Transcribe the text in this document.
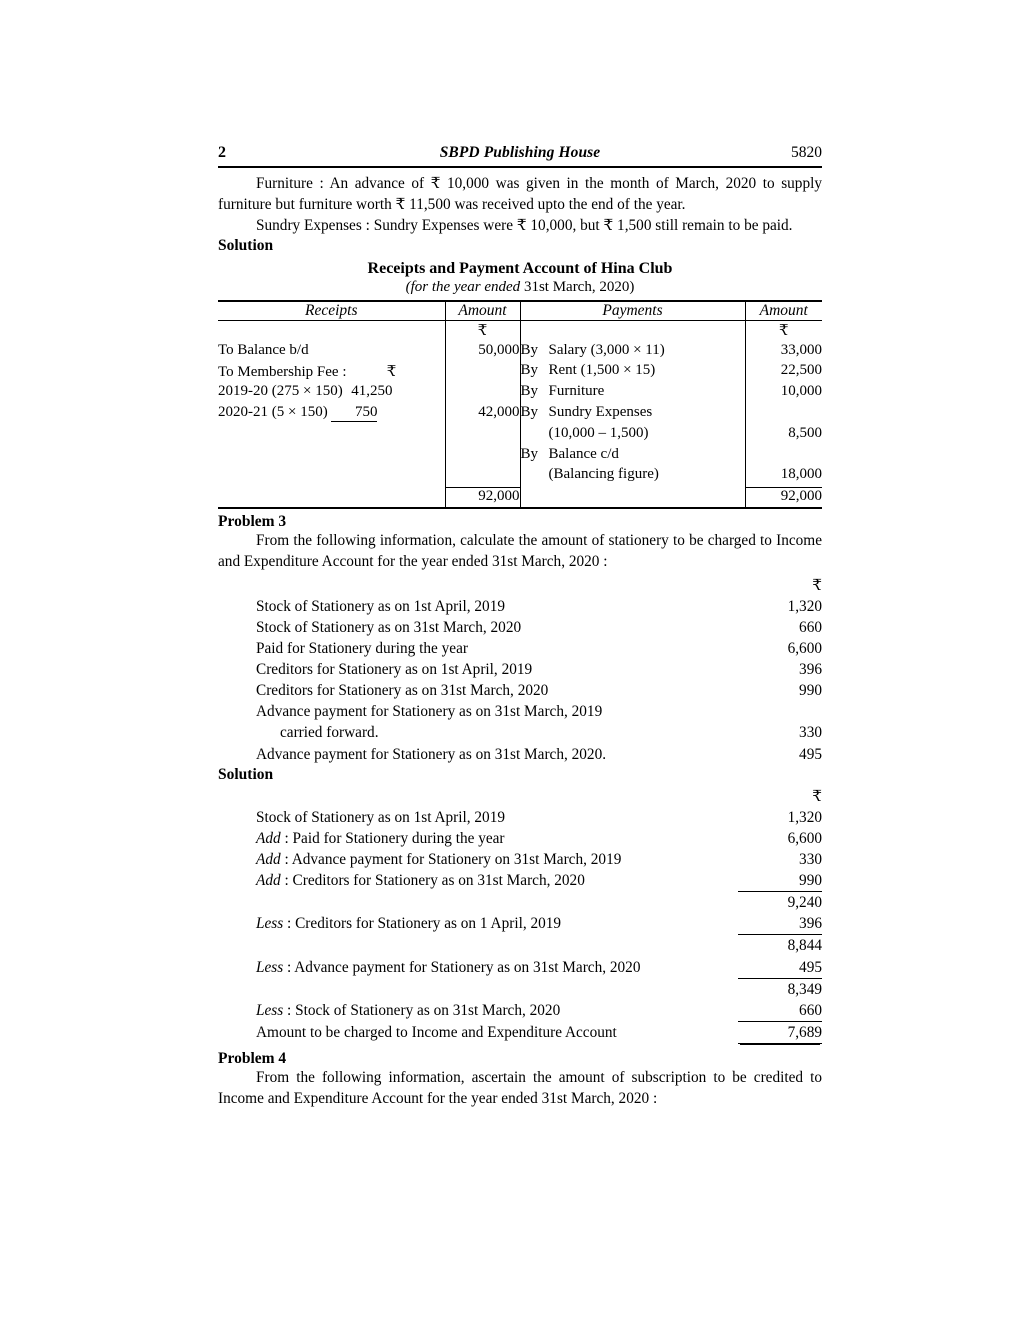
2	SBPD Publishing House	5820

Furniture : An advance of ₹ 10,000 was given in the month of March, 2020 to supply furniture but furniture worth ₹ 11,500 was received upto the end of the year.

Sundry Expenses : Sundry Expenses were ₹ 10,000, but ₹ 1,500 still remain to be paid.

Solution
Receipts and Payment Account of Hina Club
(for the year ended 31st March, 2020)
Receipts	Amount	Payments	Amount
	₹		₹
To Balance b/d	50,000	By Salary (3,000 × 11)	33,000
To Membership Fee : ₹		By Rent (1,500 × 15)	22,500
2019-20 (275 × 150) 41,250		By Furniture	10,000
2020-21 (5 × 150) 750	42,000	By Sundry Expenses	

		(10,000 – 1,500)	8,500

		By Balance c/d	

		(Balancing figure)	18,000
	92,000		92,000
Problem 3

From the following information, calculate the amount of stationery to be charged to Income and Expenditure Account for the year ended 31st March, 2020 :

₹
Stock of Stationery as on 1st April, 2019	1,320
Stock of Stationery as on 31st March, 2020	660
Paid for Stationery during the year	6,600
Creditors for Stationery as on 1st April, 2019	396
Creditors for Stationery as on 31st March, 2020	990
Advance payment for Stationery as on 31st March, 2019
carried forward.	330
Advance payment for Stationery as on 31st March, 2020.	495
Solution
₹
Stock of Stationery as on 1st April, 2019	1,320
Add : Paid for Stationery during the year	6,600
Add : Advance payment for Stationery on 31st March, 2019	330
Add : Creditors for Stationery as on 31st March, 2020	990
9,240
Less : Creditors for Stationery as on 1 April, 2019	396
8,844
Less : Advance payment for Stationery as on 31st March, 2020	495
8,349
Less : Stock of Stationery as on 31st March, 2020	660
Amount to be charged to Income and Expenditure Account	7,689
Problem 4

From the following information, ascertain the amount of subscription to be credited to Income and Expenditure Account for the year ended 31st March, 2020 :
